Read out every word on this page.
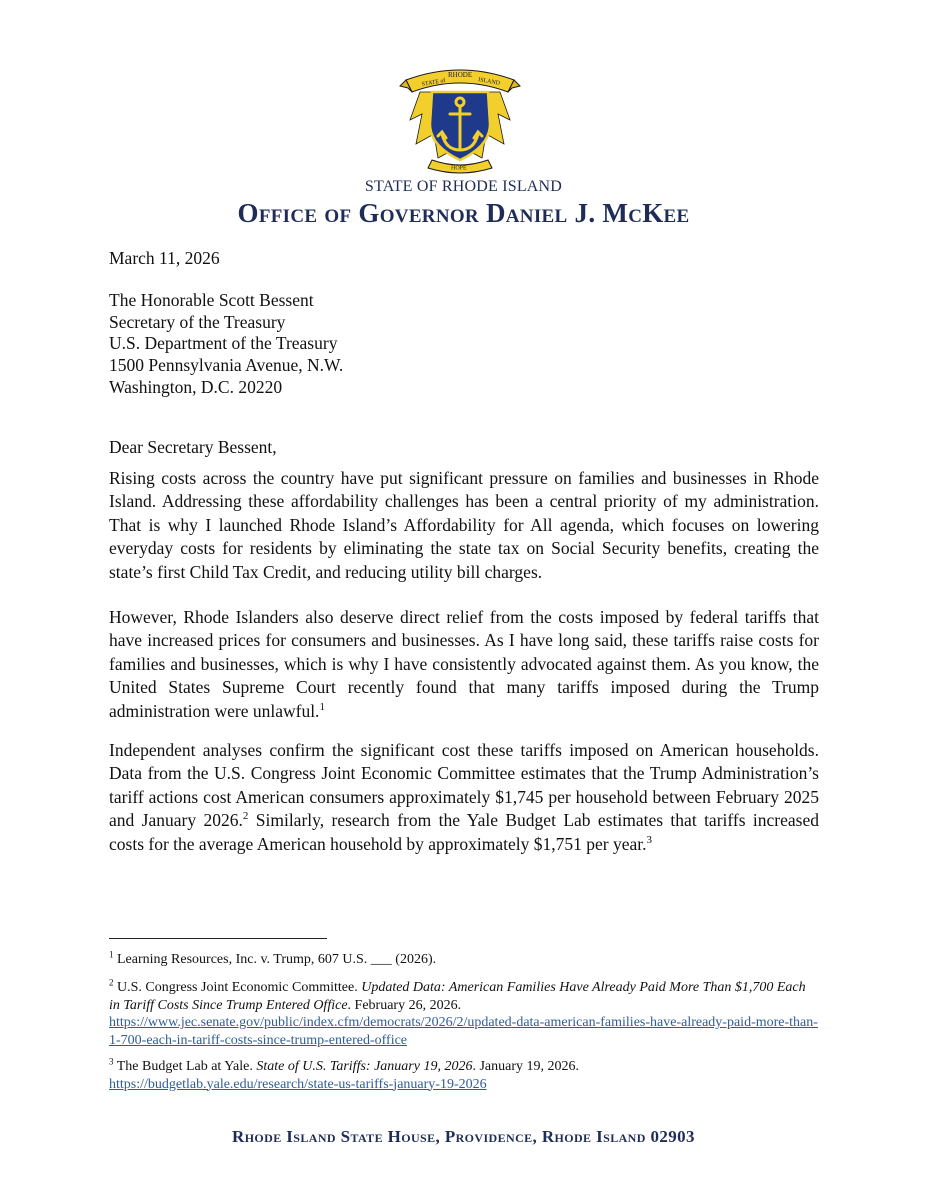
STATE of
RHODE
ISLAND
HOPE
STATE OF RHODE ISLAND
Office of Governor Daniel J. McKee
March 11, 2026
The Honorable Scott Bessent
Secretary of the Treasury
U.S. Department of the Treasury
1500 Pennsylvania Avenue, N.W.
Washington, D.C. 20220
Dear Secretary Bessent,
Rising costs across the country have put significant pressure on families and businesses in Rhode Island. Addressing these affordability challenges has been a central priority of my administration. That is why I launched Rhode Island’s Affordability for All agenda, which focuses on lowering everyday costs for residents by eliminating the state tax on Social Security benefits, creating the state’s first Child Tax Credit, and reducing utility bill charges.
However, Rhode Islanders also deserve direct relief from the costs imposed by federal tariffs that have increased prices for consumers and businesses. As I have long said, these tariffs raise costs for families and businesses, which is why I have consistently advocated against them. As you know, the United States Supreme Court recently found that many tariffs imposed during the Trump administration were unlawful.$^1$
Independent analyses confirm the significant cost these tariffs imposed on American households. Data from the U.S. Congress Joint Economic Committee estimates that the Trump Administration’s tariff actions cost American consumers approximately $1,745 per household between February 2025 and January 2026.$^2$ Similarly, research from the Yale Budget Lab estimates that tariffs increased costs for the average American household by approximately $1,751 per year.$^3$
$^1$ Learning Resources, Inc. v. Trump, 607 U.S. ___ (2026).
$^2$ U.S. Congress Joint Economic Committee. Updated Data: American Families Have Already Paid More Than $1,700 Each in Tariff Costs Since Trump Entered Office. February 26, 2026.
https://www.jec.senate.gov/public/index.cfm/democrats/2026/2/updated-data-american-families-have-already-paid-more-than-1-700-each-in-tariff-costs-since-trump-entered-office
$^3$ The Budget Lab at Yale. State of U.S. Tariffs: January 19, 2026. January 19, 2026.
https://budgetlab.yale.edu/research/state-us-tariffs-january-19-2026
Rhode Island State House, Providence, Rhode Island 02903
